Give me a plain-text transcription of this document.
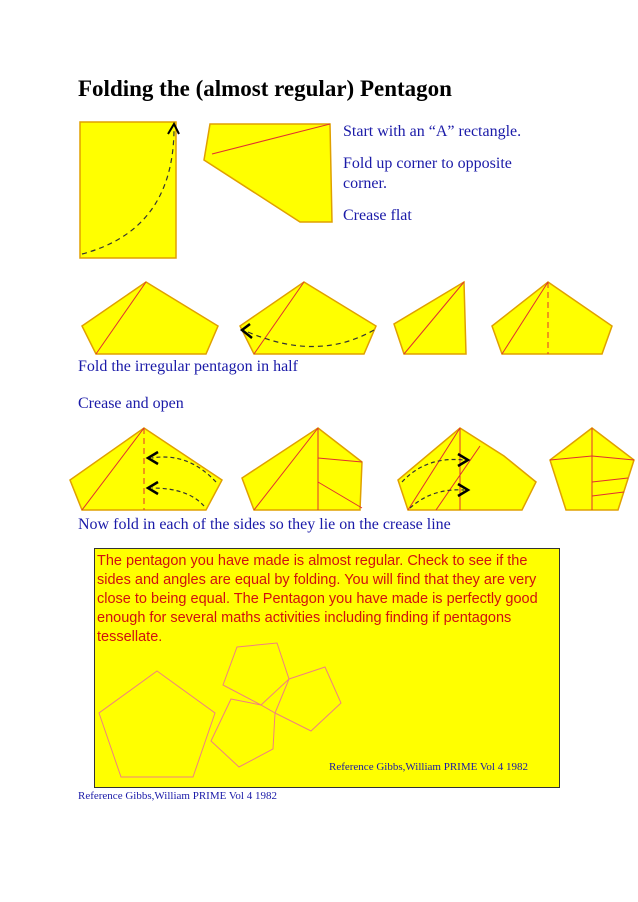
Folding the (almost regular) Pentagon
Start with an “A” rectangle.
Fold up corner to opposite corner.
Crease flat
Fold the irregular pentagon in half
Crease and open
Now fold in each of the sides so they lie on the crease line
The pentagon you have made is almost regular. Check to see if the sides and angles are equal by folding. You will find that they are very close to being equal. The Pentagon you have made is perfectly good enough for several maths activities including finding if pentagons tessellate.
Reference Gibbs,William PRIME Vol 4 1982
Reference Gibbs,William PRIME Vol 4 1982
